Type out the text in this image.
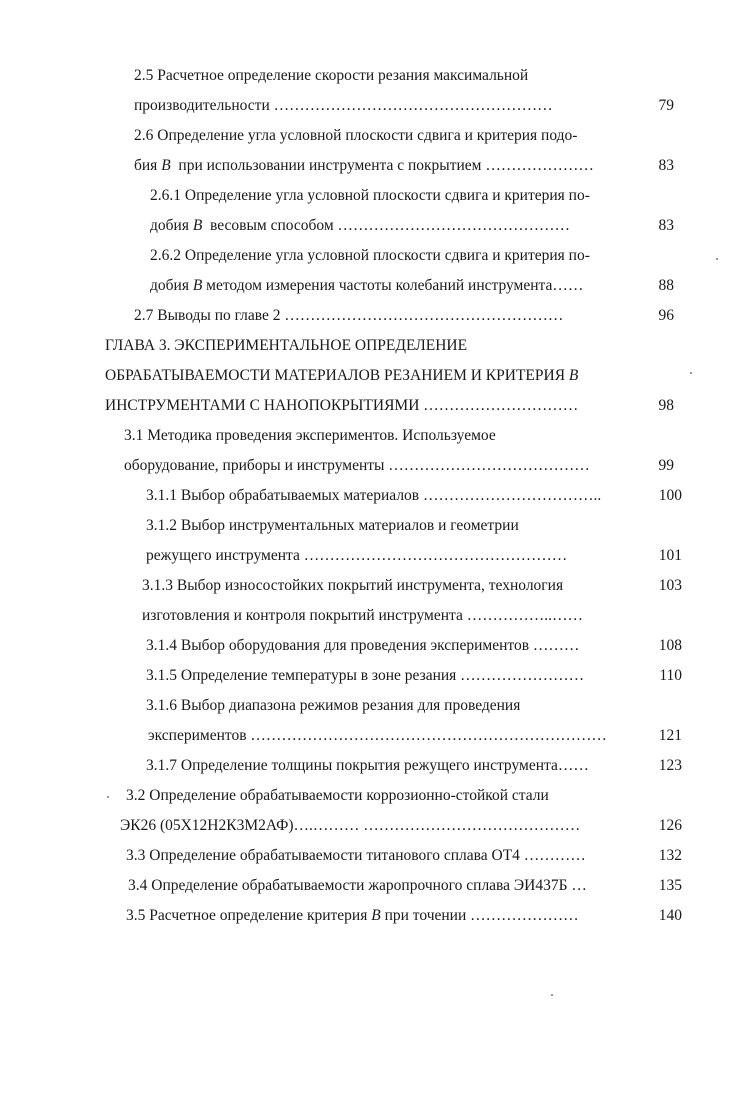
2.5 Расчетное определение скорости резания максимальной
производительности ………………………………………………	79
2.6 Определение угла условной плоскости сдвига и критерия подо-
бия B при использовании инструмента с покрытием …………………	83
2.6.1 Определение угла условной плоскости сдвига и критерия по-
добия B весовым способом ………………………………………	83
2.6.2 Определение угла условной плоскости сдвига и критерия по-
добия B методом измерения частоты колебаний инструмента……	88
2.7 Выводы по главе 2 ………………………………………………	96
ГЛАВА 3. ЭКСПЕРИМЕНТАЛЬНОЕ ОПРЕДЕЛЕНИЕ
ОБРАБАТЫВАЕМОСТИ МАТЕРИАЛОВ РЕЗАНИЕМ И КРИТЕРИЯ B
ИНСТРУМЕНТАМИ С НАНОПОКРЫТИЯМИ …………………………	98
3.1 Методика проведения экспериментов. Используемое
оборудование, приборы и инструменты …………………………………	99
3.1.1 Выбор обрабатываемых материалов ……………………………..	100
3.1.2 Выбор инструментальных материалов и геометрии
режущего инструмента ……………………………………………	101
3.1.3 Выбор износостойких покрытий инструмента, технология	103
изготовления и контроля покрытий инструмента ……………..……
3.1.4 Выбор оборудования для проведения экспериментов ………	108
3.1.5 Определение температуры в зоне резания ……………………	110
3.1.6 Выбор диапазона режимов резания для проведения
экспериментов ……………………………………………………………	121
3.1.7 Определение толщины покрытия режущего инструмента……	123
3.2 Определение обрабатываемости коррозионно-стойкой стали
ЭК26 (05Х12Н2К3М2АФ)….……… ……………………………………	126
3.3 Определение обрабатываемости титанового сплава ОТ4 …………	132
3.4 Определение обрабатываемости жаропрочного сплава ЭИ437Б …	135
3.5 Расчетное определение критерия B при точении …………………	140
